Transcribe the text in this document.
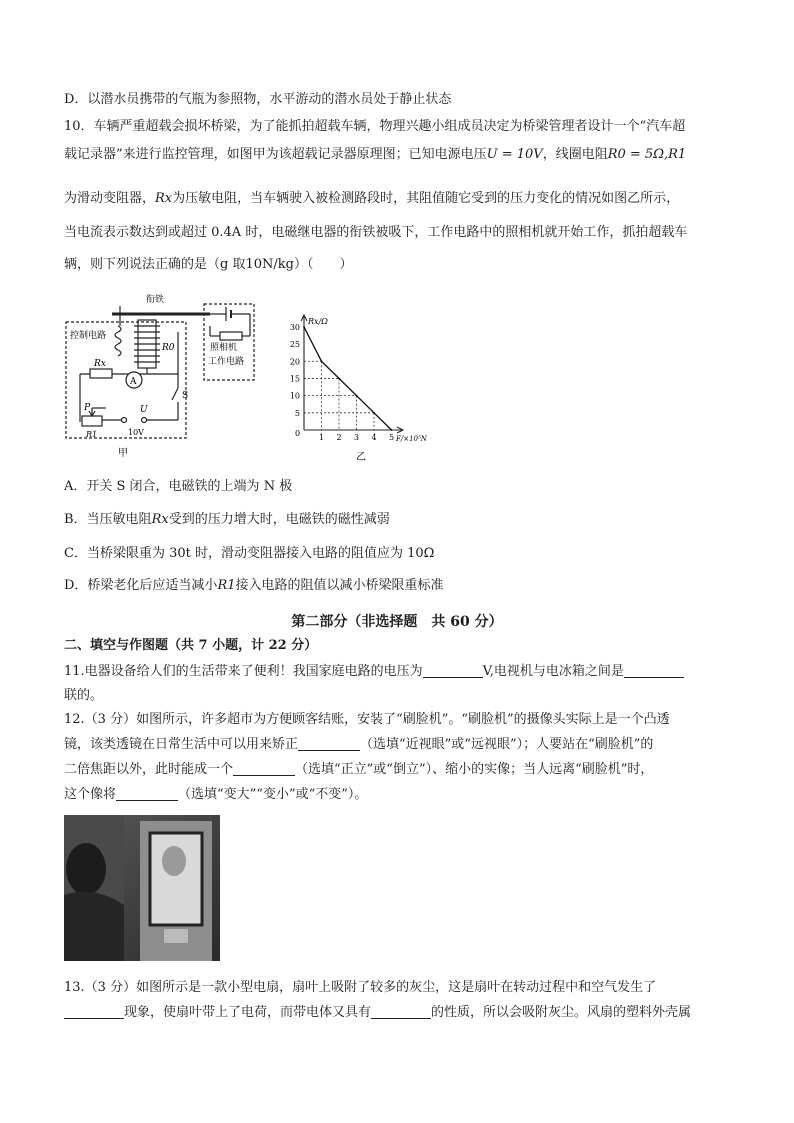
D．以潜水员携带的气瓶为参照物，水平游动的潜水员处于静止状态
10．车辆严重超载会损坏桥梁，为了能抓拍超载车辆，物理兴趣小组成员决定为桥梁管理者设计一个“汽车超
载记录器”来进行监控管理，如图甲为该超载记录器原理图；已知电源电压U = 10V，线圈电阻R0 = 5Ω,R1
为滑动变阻器，Rx为压敏电阻，当车辆驶入被检测路段时，其阻值随它受到的压力变化的情况如图乙所示，
当电流表示数达到或超过 0.4A 时，电磁继电器的衔铁被吸下，工作电路中的照相机就开始工作，抓拍超载车
辆，则下列说法正确的是（g 取10N/kg）（　　）
衔铁
控制电路
照相机
工作电路
Rx
R0
A
S
P	U
R1	10V
甲
1 2 3 4 5
5
10
15
20
25
30
Rx/Ω
F/×10⁵N
0
乙
A．开关 S 闭合，电磁铁的上端为 N 极
B．当压敏电阻Rx受到的压力增大时，电磁铁的磁性减弱
C．当桥梁限重为 30t 时，滑动变阻器接入电路的阻值应为 10Ω
D．桥梁老化后应适当减小R1接入电路的阻值以减小桥梁限重标准
第二部分（非选择题　共 60 分）
二、填空与作图题（共 7 小题，计 22 分）
11.电器设备给人们的生活带来了便利！我国家庭电路的电压为	V,电视机与电冰箱之间是
联的。
12.（3 分）如图所示，许多超市为方便顾客结账，安装了“刷脸机”。“刷脸机”的摄像头实际上是一个凸透
镜，该类透镜在日常生活中可以用来矫正	（选填“近视眼”或“远视眼”）；人要站在“刷脸机”的
二倍焦距以外，此时能成一个	（选填“正立”或“倒立”）、缩小的实像；当人远离“刷脸机”时，
这个像将	（选填“变大”“变小”或“不变”）。
13.（3 分）如图所示是一款小型电扇，扇叶上吸附了较多的灰尘，这是扇叶在转动过程中和空气发生了
现象，使扇叶带上了电荷，而带电体又具有	的性质，所以会吸附灰尘。风扇的塑料外壳属
